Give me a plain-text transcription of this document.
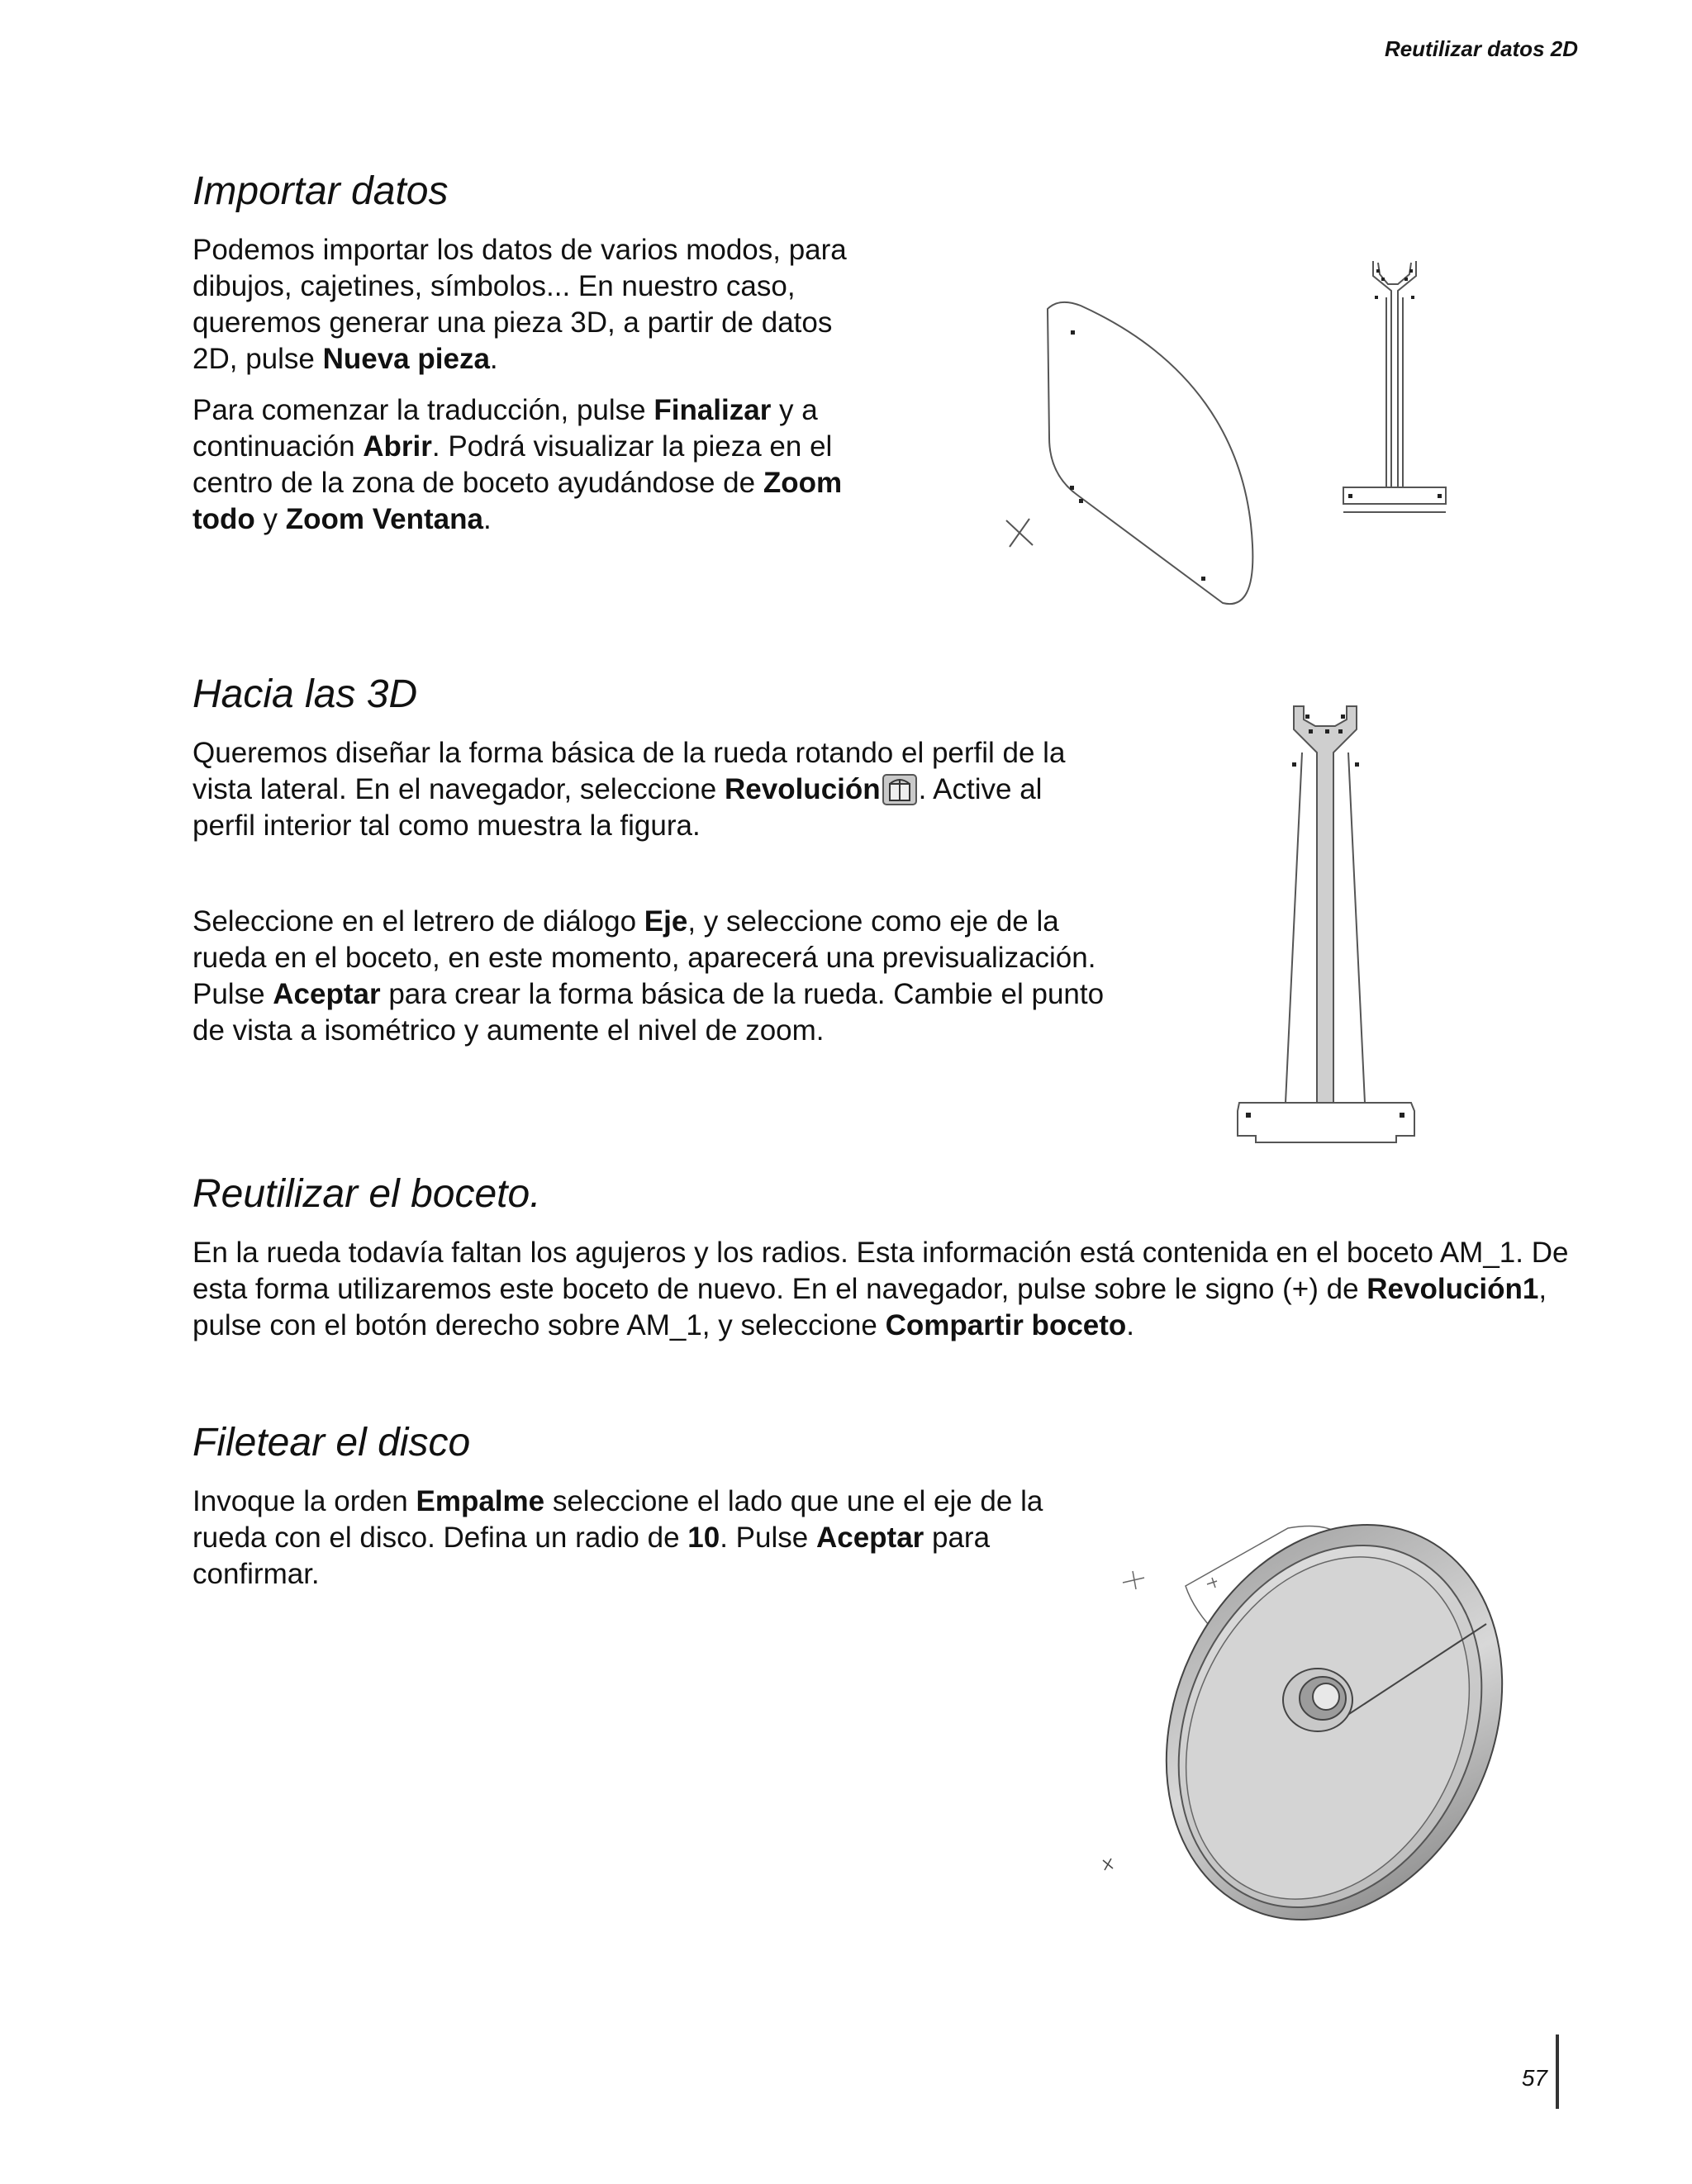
Reutilizar datos 2D
Importar datos

Podemos importar los datos de varios modos, para dibujos, cajetines, símbolos... En nuestro caso, queremos generar una pieza 3D, a partir de datos 2D, pulse Nueva pieza.

Para comenzar la traducción, pulse Finalizar y a continuación Abrir. Podrá visualizar la pieza en el centro de la zona de boceto ayudándose de Zoom todo y Zoom Ventana.

Hacia las 3D

Queremos diseñar la forma básica de la rueda rotando el perfil de la vista lateral. En el navegador, seleccione Revolución . Active al perfil interior tal como muestra la figura.

Seleccione en el letrero de diálogo Eje, y seleccione como eje de la rueda en el boceto, en este momento, aparecerá una previsualización. Pulse Aceptar para crear la forma básica de la rueda. Cambie el punto de vista a isométrico y aumente el nivel de zoom.

Reutilizar el boceto.

En la rueda todavía faltan los agujeros y los radios. Esta información está contenida en el boceto AM_1. De esta forma utilizaremos este boceto de nuevo. En el navegador, pulse sobre le signo (+) de Revolución1, pulse con el botón derecho sobre AM_1, y seleccione Compartir boceto.

Filetear el disco

Invoque la orden Empalme seleccione el lado que une el eje de la rueda con el disco. Defina un radio de 10. Pulse Aceptar para confirmar.

57
